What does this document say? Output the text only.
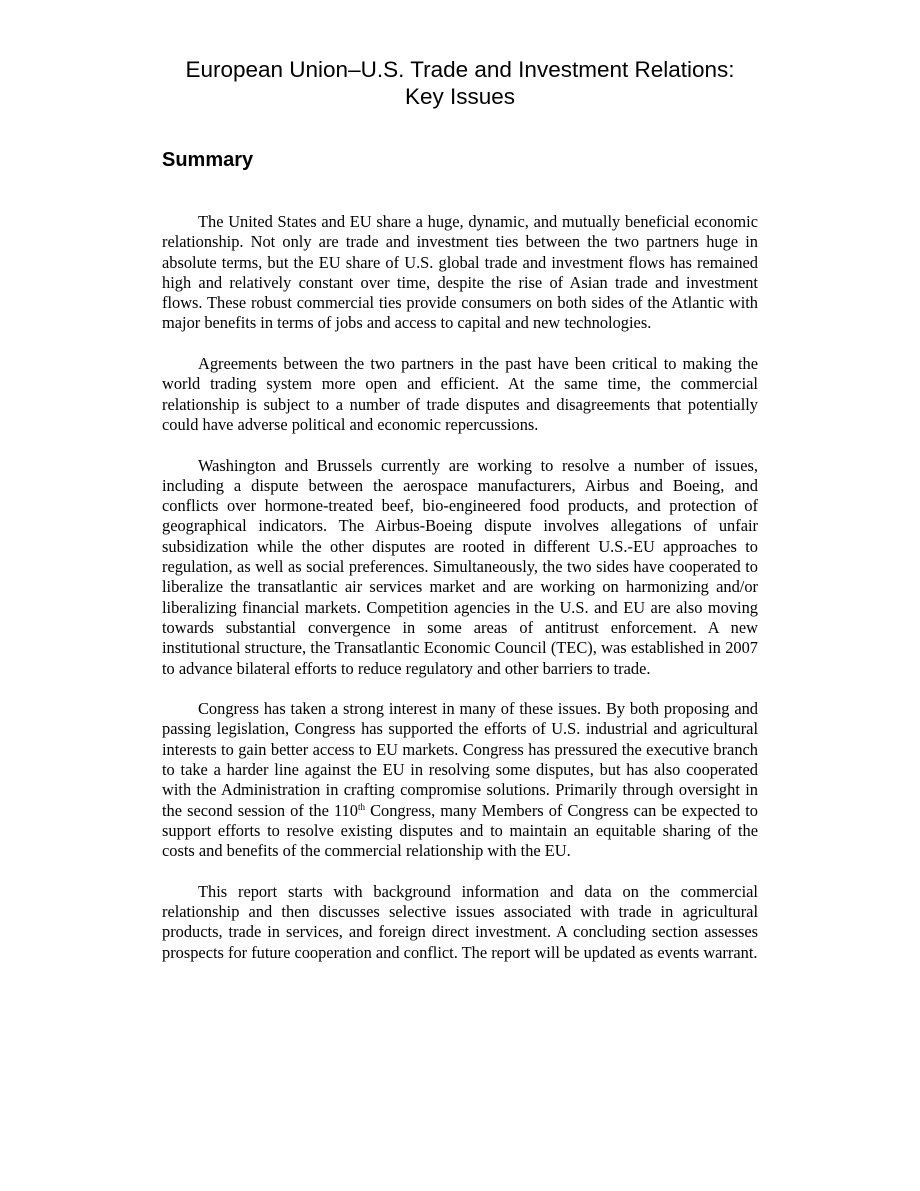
European Union–U.S. Trade and Investment Relations:
Key Issues
Summary

The United States and EU share a huge, dynamic, and mutually beneficial economic relationship. Not only are trade and investment ties between the two partners huge in absolute terms, but the EU share of U.S. global trade and investment flows has remained high and relatively constant over time, despite the rise of Asian trade and investment flows. These robust commercial ties provide consumers on both sides of the Atlantic with major benefits in terms of jobs and access to capital and new technologies.

Agreements between the two partners in the past have been critical to making the world trading system more open and efficient. At the same time, the commercial relationship is subject to a number of trade disputes and disagreements that potentially could have adverse political and economic repercussions.

Washington and Brussels currently are working to resolve a number of issues, including a dispute between the aerospace manufacturers, Airbus and Boeing, and conflicts over hormone-treated beef, bio-engineered food products, and protection of geographical indicators. The Airbus-Boeing dispute involves allegations of unfair subsidization while the other disputes are rooted in different U.S.-EU approaches to regulation, as well as social preferences. Simultaneously, the two sides have cooperated to liberalize the transatlantic air services market and are working on harmonizing and/or liberalizing financial markets. Competition agencies in the U.S. and EU are also moving towards substantial convergence in some areas of antitrust enforcement. A new institutional structure, the Transatlantic Economic Council (TEC), was established in 2007 to advance bilateral efforts to reduce regulatory and other barriers to trade.

Congress has taken a strong interest in many of these issues. By both proposing and passing legislation, Congress has supported the efforts of U.S. industrial and agricultural interests to gain better access to EU markets. Congress has pressured the executive branch to take a harder line against the EU in resolving some disputes, but has also cooperated with the Administration in crafting compromise solutions. Primarily through oversight in the second session of the 110th Congress, many Members of Congress can be expected to support efforts to resolve existing disputes and to maintain an equitable sharing of the costs and benefits of the commercial relationship with the EU.

This report starts with background information and data on the commercial relationship and then discusses selective issues associated with trade in agricultural products, trade in services, and foreign direct investment. A concluding section assesses prospects for future cooperation and conflict. The report will be updated as events warrant.
